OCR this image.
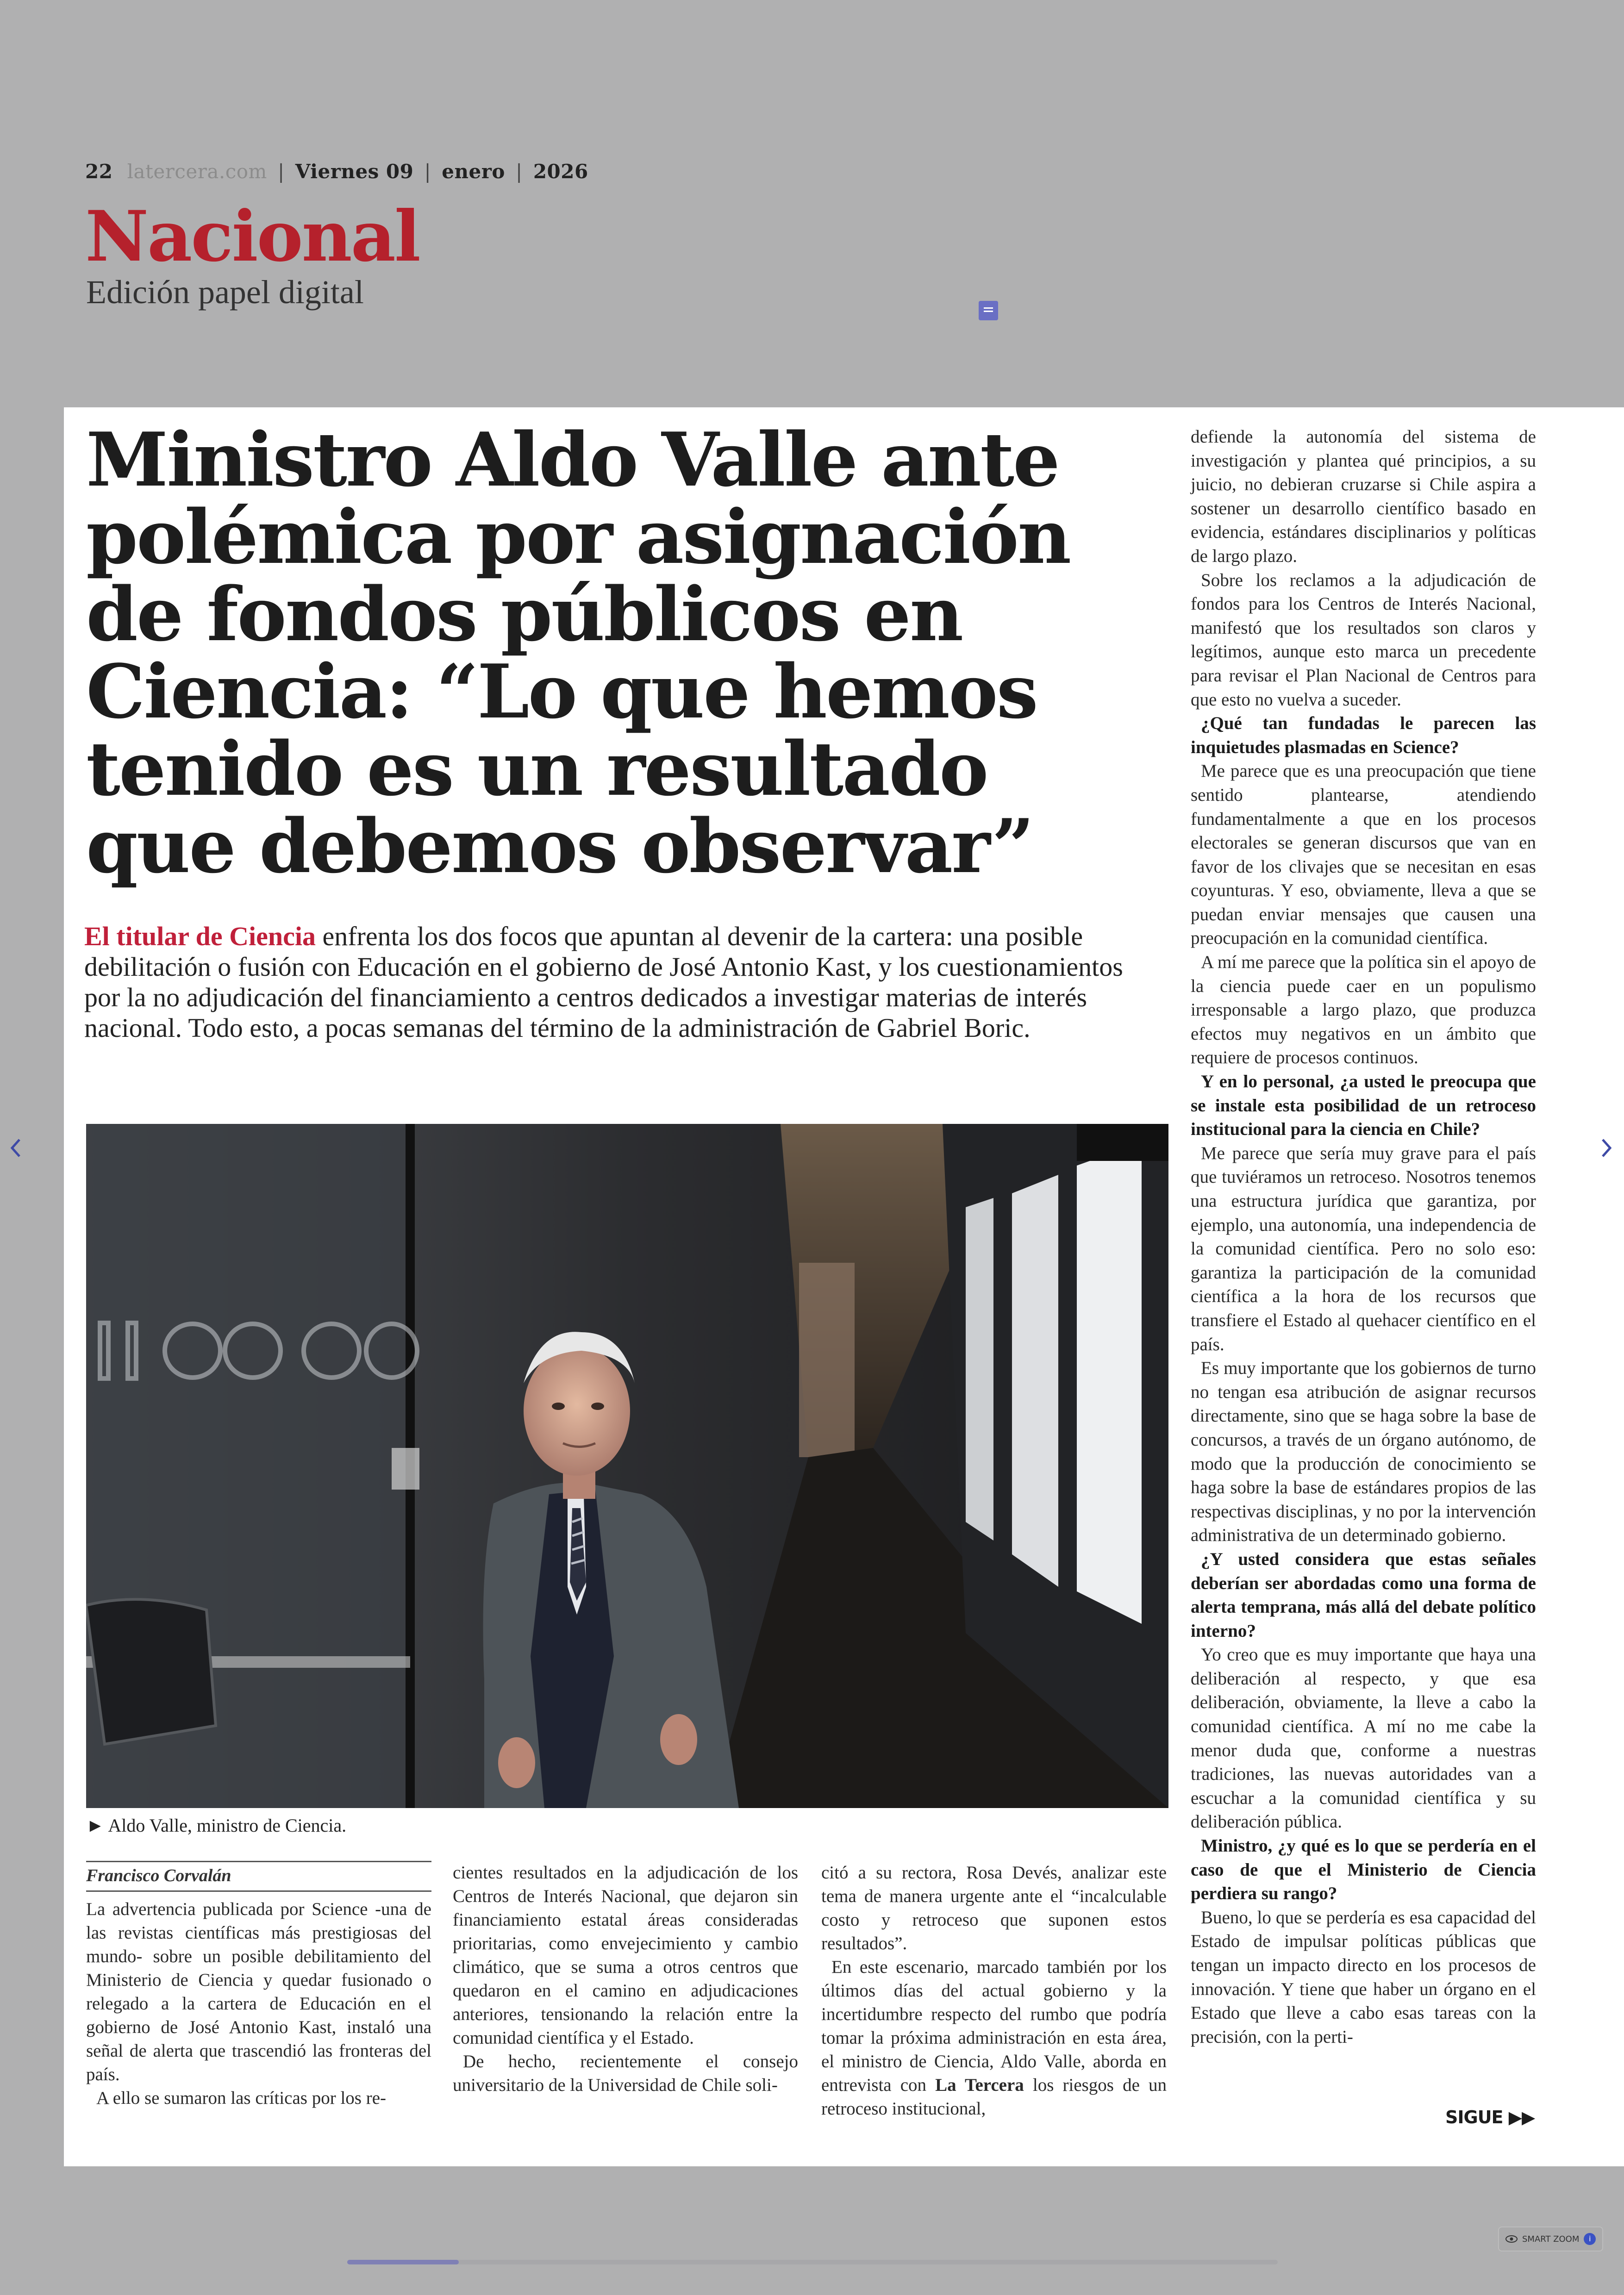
22 latercera.com | Viernes 09 | enero | 2026
Nacional
Edición papel digital
Ministro Aldo Valle ante polémica por asignación de fondos públicos en Ciencia: “Lo que hemos tenido es un resultado que debemos observar”
El titular de Ciencia enfrenta los dos focos que apuntan al devenir de la cartera: una posible debilitación o fusión con Educación en el gobierno de José Antonio Kast, y los cuestionamientos por la no adjudicación del financiamiento a centros dedicados a investigar materias de interés nacional. Todo esto, a pocas semanas del término de la administración de Gabriel Boric.
► Aldo Valle, ministro de Ciencia.
Francisco Corvalán

La advertencia publicada por Science -una de las revistas científicas más prestigiosas del mundo- sobre un posible debilitamiento del Ministerio de Ciencia y quedar fusionado o relegado a la cartera de Educación en el gobierno de José Antonio Kast, instaló una señal de alerta que trascendió las fronteras del país.

A ello se sumaron las críticas por los re-

cientes resultados en la adjudicación de los Centros de Interés Nacional, que dejaron sin financiamiento estatal áreas consideradas prioritarias, como envejecimiento y cambio climático, que se suma a otros centros que quedaron en el camino en adjudicaciones anteriores, tensionando la relación entre la comunidad científica y el Estado.

De hecho, recientemente el consejo universitario de la Universidad de Chile soli-

citó a su rectora, Rosa Devés, analizar este tema de manera urgente ante el “incalculable costo y retroceso que suponen estos resultados”.

En este escenario, marcado también por los últimos días del actual gobierno y la incertidumbre respecto del rumbo que podría tomar la próxima administración en esta área, el ministro de Ciencia, Aldo Valle, aborda en entrevista con La Tercera los riesgos de un retroceso institucional,

defiende la autonomía del sistema de investigación y plantea qué principios, a su juicio, no debieran cruzarse si Chile aspira a sostener un desarrollo científico basado en evidencia, estándares disciplinarios y políticas de largo plazo.

Sobre los reclamos a la adjudicación de fondos para los Centros de Interés Nacional, manifestó que los resultados son claros y legítimos, aunque esto marca un precedente para revisar el Plan Nacional de Centros para que esto no vuelva a suceder.

¿Qué tan fundadas le parecen las inquietudes plasmadas en Science?

Me parece que es una preocupación que tiene sentido plantearse, atendiendo fundamentalmente a que en los procesos electorales se generan discursos que van en favor de los clivajes que se necesitan en esas coyunturas. Y eso, obviamente, lleva a que se puedan enviar mensajes que causen una preocupación en la comunidad científica.

A mí me parece que la política sin el apoyo de la ciencia puede caer en un populismo irresponsable a largo plazo, que produzca efectos muy negativos en un ámbito que requiere de procesos continuos.

Y en lo personal, ¿a usted le preocupa que se instale esta posibilidad de un retroceso institucional para la ciencia en Chile?

Me parece que sería muy grave para el país que tuviéramos un retroceso. Nosotros tenemos una estructura jurídica que garantiza, por ejemplo, una autonomía, una independencia de la comunidad científica. Pero no solo eso: garantiza la participación de la comunidad científica a la hora de los recursos que transfiere el Estado al quehacer científico en el país.

Es muy importante que los gobiernos de turno no tengan esa atribución de asignar recursos directamente, sino que se haga sobre la base de concursos, a través de un órgano autónomo, de modo que la producción de conocimiento se haga sobre la base de estándares propios de las respectivas disciplinas, y no por la intervención administrativa de un determinado gobierno.

¿Y usted considera que estas señales deberían ser abordadas como una forma de alerta temprana, más allá del debate político interno?

Yo creo que es muy importante que haya una deliberación al respecto, y que esa deliberación, obviamente, la lleve a cabo la comunidad científica. A mí no me cabe la menor duda que, conforme a nuestras tradiciones, las nuevas autoridades van a escuchar a la comunidad científica y su deliberación pública.

Ministro, ¿y qué es lo que se perdería en el caso de que el Ministerio de Ciencia perdiera su rango?

Bueno, lo que se perdería es esa capacidad del Estado de impulsar políticas públicas que tengan un impacto directo en los procesos de innovación. Y tiene que haber un órgano en el Estado que lleve a cabo esas tareas con la precisión, con la perti-

SIGUE ▶▶
SMART ZOOM	i
